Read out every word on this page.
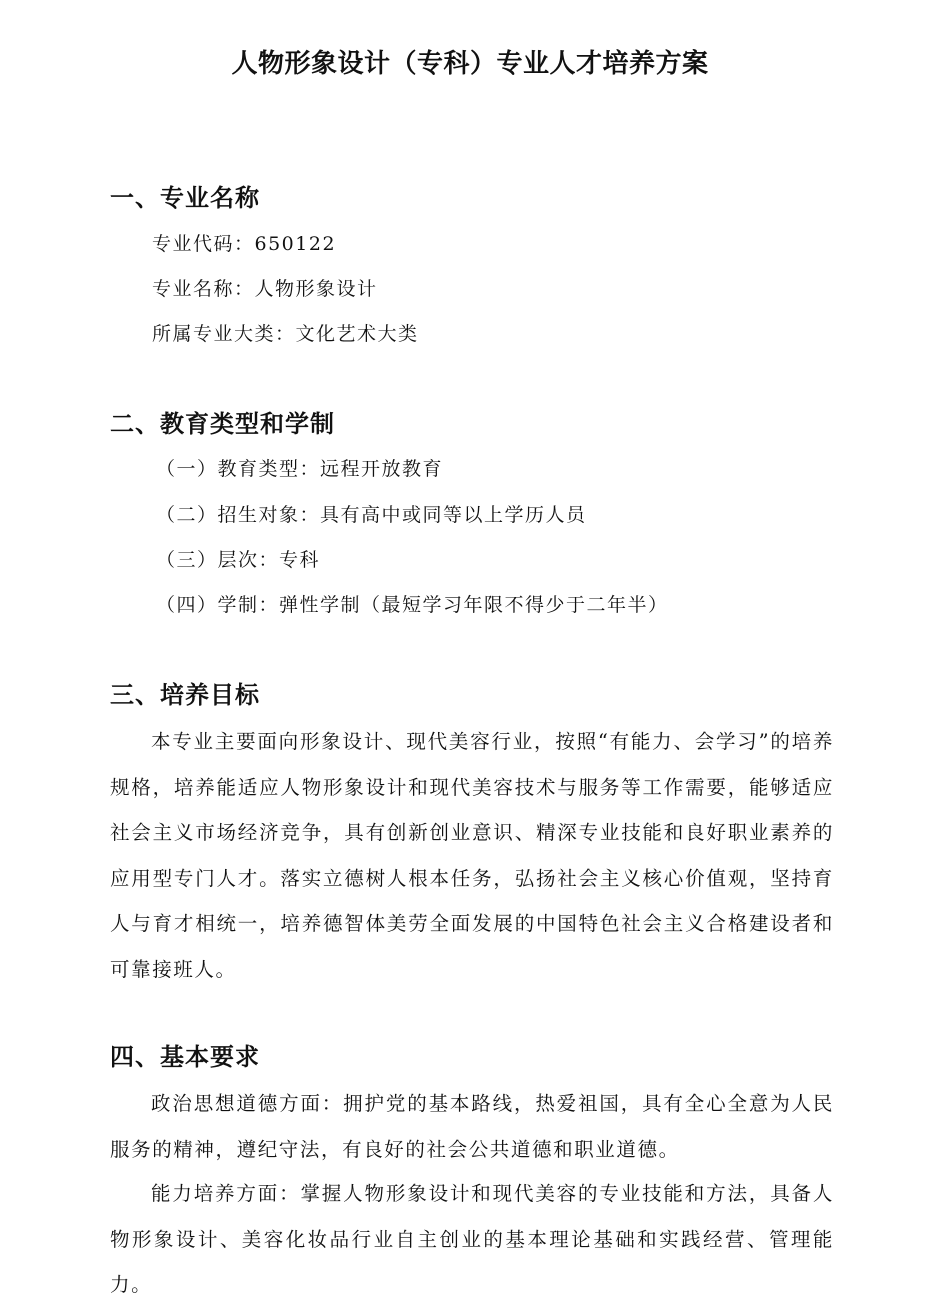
人物形象设计（专科）专业人才培养方案
一、专业名称
专业代码：650122
专业名称：人物形象设计
所属专业大类：文化艺术大类
二、教育类型和学制
（一）教育类型：远程开放教育
（二）招生对象：具有高中或同等以上学历人员
（三）层次：专科
（四）学制：弹性学制（最短学习年限不得少于二年半）
三、培养目标
本专业主要面向形象设计、现代美容行业，按照“有能力、会学习”的培养规格，培养能适应人物形象设计和现代美容技术与服务等工作需要，能够适应社会主义市场经济竞争，具有创新创业意识、精深专业技能和良好职业素养的应用型专门人才。落实立德树人根本任务，弘扬社会主义核心价值观，坚持育人与育才相统一，培养德智体美劳全面发展的中国特色社会主义合格建设者和可靠接班人。
四、基本要求
政治思想道德方面：拥护党的基本路线，热爱祖国，具有全心全意为人民服务的精神，遵纪守法，有良好的社会公共道德和职业道德。
能力培养方面：掌握人物形象设计和现代美容的专业技能和方法，具备人物形象设计、美容化妆品行业自主创业的基本理论基础和实践经营、管理能力。
